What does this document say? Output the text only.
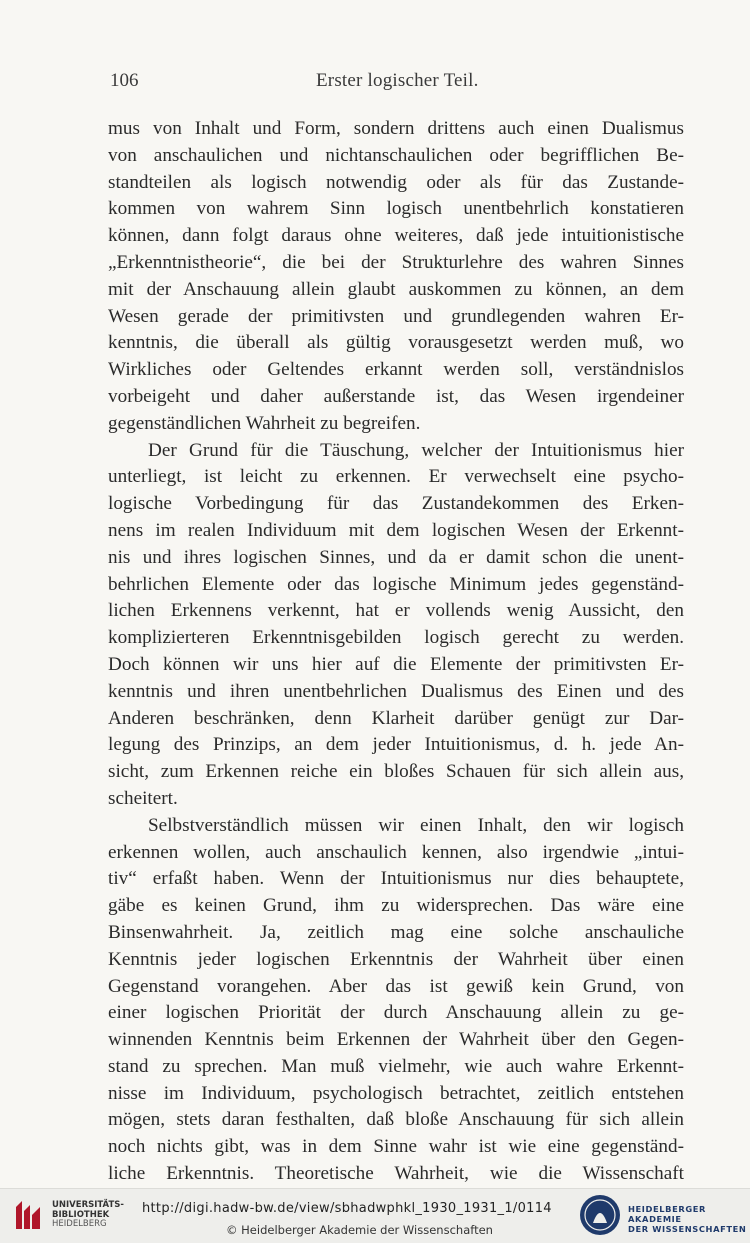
106	Erster logischer Teil.
mus von Inhalt und Form, sondern drittens auch einen Dualismus
von anschaulichen und nichtanschaulichen oder begrifflichen Be-
standteilen als logisch notwendig oder als für das Zustande-
kommen von wahrem Sinn logisch unentbehrlich konstatieren
können, dann folgt daraus ohne weiteres, daß jede intuitionistische
„Erkenntnistheorie“, die bei der Strukturlehre des wahren Sinnes
mit der Anschauung allein glaubt auskommen zu können, an dem
Wesen gerade der primitivsten und grundlegenden wahren Er-
kenntnis, die überall als gültig vorausgesetzt werden muß, wo
Wirkliches oder Geltendes erkannt werden soll, verständnislos
vorbeigeht und daher außerstande ist, das Wesen irgendeiner
gegenständlichen Wahrheit zu begreifen.
Der Grund für die Täuschung, welcher der Intuitionismus hier
unterliegt, ist leicht zu erkennen. Er verwechselt eine psycho-
logische Vorbedingung für das Zustandekommen des Erken-
nens im realen Individuum mit dem logischen Wesen der Erkennt-
nis und ihres logischen Sinnes, und da er damit schon die unent-
behrlichen Elemente oder das logische Minimum jedes gegenständ-
lichen Erkennens verkennt, hat er vollends wenig Aussicht, den
komplizierteren Erkenntnisgebilden logisch gerecht zu werden.
Doch können wir uns hier auf die Elemente der primitivsten Er-
kenntnis und ihren unentbehrlichen Dualismus des Einen und des
Anderen beschränken, denn Klarheit darüber genügt zur Dar-
legung des Prinzips, an dem jeder Intuitionismus, d. h. jede An-
sicht, zum Erkennen reiche ein bloßes Schauen für sich allein aus,
scheitert.
Selbstverständlich müssen wir einen Inhalt, den wir logisch
erkennen wollen, auch anschaulich kennen, also irgendwie „intui-
tiv“ erfaßt haben. Wenn der Intuitionismus nur dies behauptete,
gäbe es keinen Grund, ihm zu widersprechen. Das wäre eine
Binsenwahrheit. Ja, zeitlich mag eine solche anschauliche
Kenntnis jeder logischen Erkenntnis der Wahrheit über einen
Gegenstand vorangehen. Aber das ist gewiß kein Grund, von
einer logischen Priorität der durch Anschauung allein zu ge-
winnenden Kenntnis beim Erkennen der Wahrheit über den Gegen-
stand zu sprechen. Man muß vielmehr, wie auch wahre Erkennt-
nisse im Individuum, psychologisch betrachtet, zeitlich entstehen
mögen, stets daran festhalten, daß bloße Anschauung für sich allein
noch nichts gibt, was in dem Sinne wahr ist wie eine gegenständ-
liche Erkenntnis. Theoretische Wahrheit, wie die Wissenschaft
UNIVERSITÄTS-
BIBLIOTHEK
HEIDELBERG
http://digi.hadw-bw.de/view/sbhadwphkl_1930_1931_1/0114
© Heidelberger Akademie der Wissenschaften
HEIDELBERGER AKADEMIE
DER WISSENSCHAFTEN
